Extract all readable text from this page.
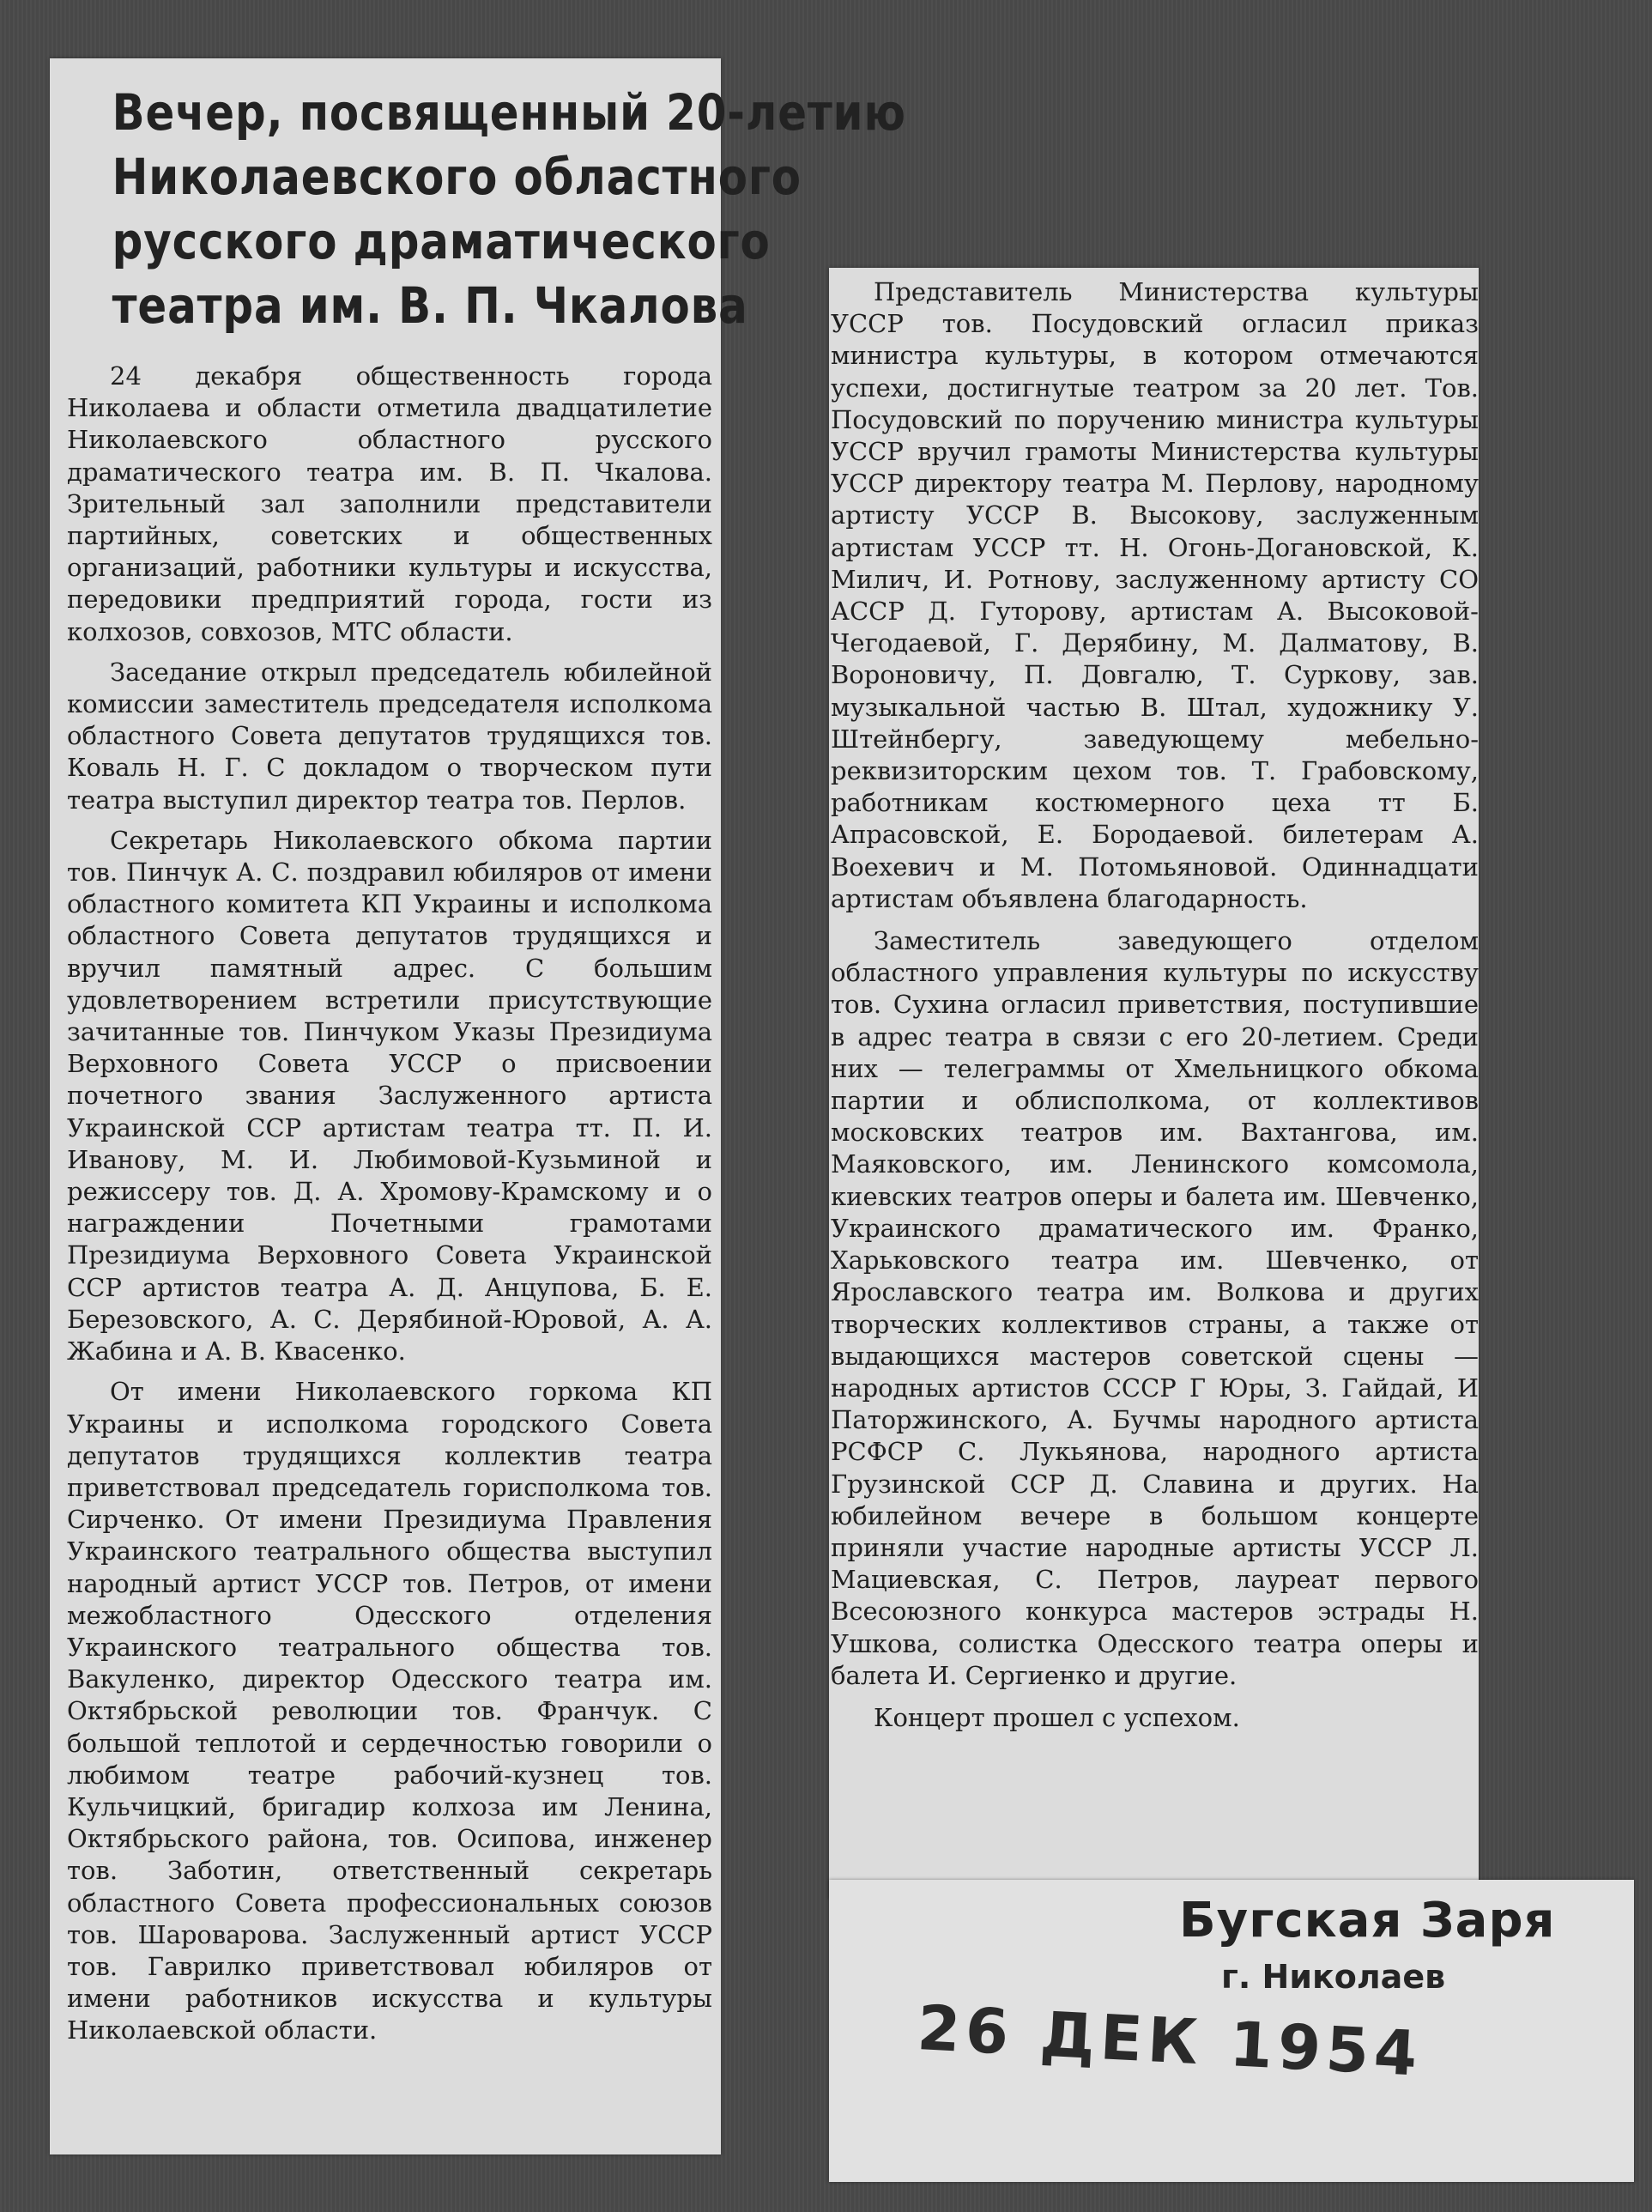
Вечер, посвященный 20-летию
Николаевского областного
русского драматического
театра им. В. П. Чкалова

24 декабря общественность города Николаева и области отметила двадцатилетие Николаевского областного русского драматического театра им. В. П. Чкалова. Зрительный зал заполнили представители партийных, советских и общественных организаций, работники культуры и искусства, передовики предприятий города, гости из колхозов, совхозов, МТС области.

Заседание открыл председатель юбилейной комиссии заместитель председателя исполкома областного Совета депутатов трудящихся тов. Коваль Н. Г. С докладом о творческом пути театра выступил директор театра тов. Перлов.

Секретарь Николаевского обкома партии тов. Пинчук А. С. поздравил юбиляров от имени областного комитета КП Украины и исполкома областного Совета депутатов трудящихся и вручил памятный адрес. С большим удовлетворением встретили присутствующие зачитанные тов. Пинчуком Указы Президиума Верховного Совета УССР о присвоении почетного звания Заслуженного артиста Украинской ССР артистам театра тт. П. И. Иванову, М. И. Любимовой-Кузьминой и режиссеру тов. Д. А. Хромову-Крамскому и о награждении Почетными грамотами Президиума Верховного Совета Украинской ССР артистов театра А. Д. Анцупова, Б. Е. Березовского, А. С. Дерябиной-Юровой, А. А. Жабина и А. В. Квасенко.

От имени Николаевского горкома КП Украины и исполкома городского Совета депутатов трудящихся коллектив театра приветствовал председатель горисполкома тов. Сирченко. От имени Президиума Правления Украинского театрального общества выступил народный артист УССР тов. Петров, от имени межобластного Одесского отделения Украинского театрального общества тов. Вакуленко, директор Одесского театра им. Октябрьской революции тов. Франчук. С большой теплотой и сердечностью говорили о любимом театре рабочий-кузнец тов. Кульчицкий, бригадир колхоза им Ленина, Октябрьского района, тов. Осипова, инженер тов. Заботин, ответственный секретарь областного Совета профессиональных союзов тов. Шароварова. Заслуженный артист УССР тов. Гаврилко приветствовал юбиляров от имени работников искусства и культуры Николаевской области.

Представитель Министерства культуры УССР тов. Посудовский огласил приказ министра культуры, в котором отмечаются успехи, достигнутые театром за 20 лет. Тов. Посудовский по поручению министра культуры УССР вручил грамоты Министерства культуры УССР директору театра М. Перлову, народному артисту УССР В. Высокову, заслуженным артистам УССР тт. Н. Огонь-Догановской, К. Милич, И. Ротнову, заслуженному артисту СО АССР Д. Гуторову, артистам А. Высоковой-Чегодаевой, Г. Дерябину, М. Далматову, В. Вороновичу, П. Довгалю, Т. Суркову, зав. музыкальной частью В. Штал, художнику У. Штейнбергу, заведующему мебельно-реквизиторским цехом тов. Т. Грабовскому, работникам костюмерного цеха тт Б. Апрасовской, Е. Бородаевой. билетерам А. Воехевич и М. Потомьяновой. Одиннадцати артистам объявлена благодарность.

Заместитель заведующего отделом областного управления культуры по искусству тов. Сухина огласил приветствия, поступившие в адрес театра в связи с его 20-летием. Среди них — телеграммы от Хмельницкого обкома партии и облисполкома, от коллективов московских театров им. Вахтангова, им. Маяковского, им. Ленинского комсомола, киевских театров оперы и балета им. Шевченко, Украинского драматического им. Франко, Харьковского театра им. Шевченко, от Ярославского театра им. Волкова и других творческих коллективов страны, а также от выдающихся мастеров советской сцены — народных артистов СССР Г Юры, З. Гайдай, И Паторжинского, А. Бучмы народного артиста РСФСР С. Лукьянова, народного артиста Грузинской ССР Д. Славина и других. На юбилейном вечере в большом концерте приняли участие народные артисты УССР Л. Мациевская, С. Петров, лауреат первого Всесоюзного конкурса мастеров эстрады Н. Ушкова, солистка Одесского театра оперы и балета И. Сергиенко и другие.

Концерт прошел с успехом.

Бугская Заря
г. Николаев
26 ДЕК 1954
